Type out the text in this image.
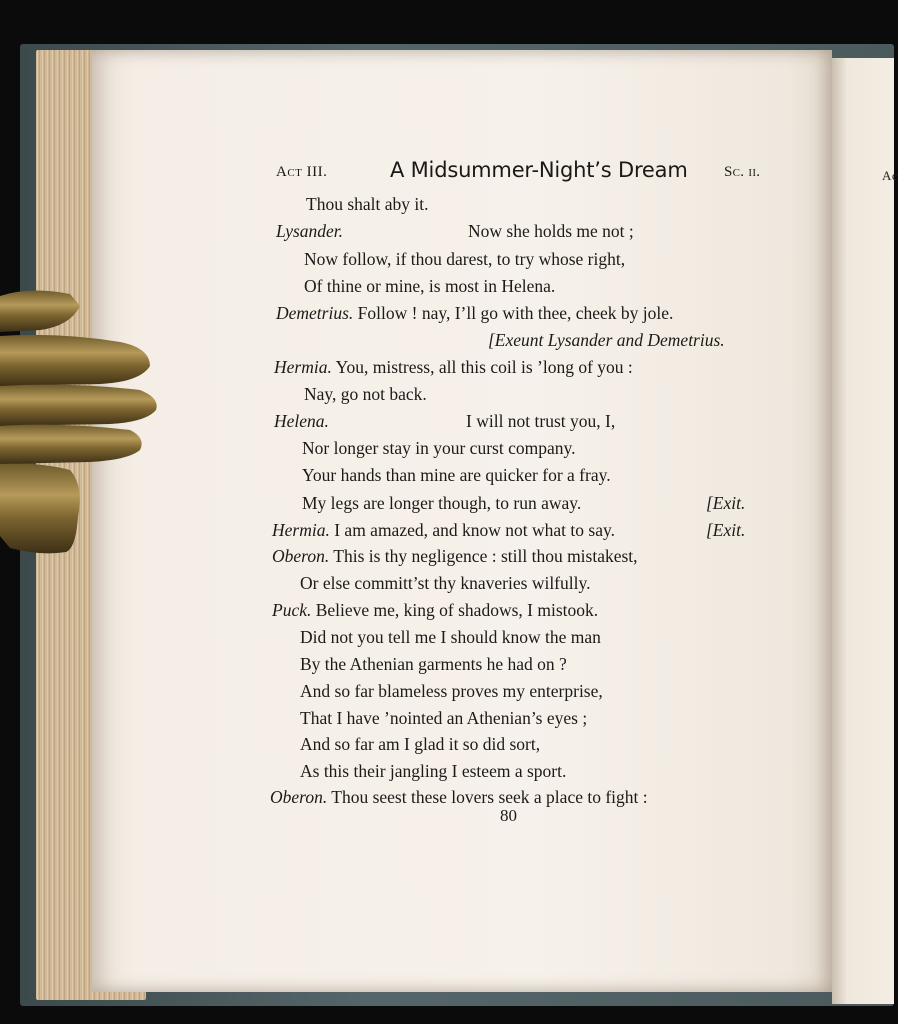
Ac
Act III.	A Midsummer-Night’s Dream Sc. ii.
Thou shalt aby it.
Lysander.	Now she holds me not ;
Now follow, if thou darest, to try whose right,
Of thine or mine, is most in Helena.
Demetrius. Follow ! nay, I’ll go with thee, cheek by jole.
[Exeunt Lysander and Demetrius.
Hermia. You, mistress, all this coil is ’long of you :
Nay, go not back.
Helena.	I will not trust you, I,
Nor longer stay in your curst company.
Your hands than mine are quicker for a fray.
My legs are longer though, to run away.	[Exit.
Hermia. I am amazed, and know not what to say.	[Exit.
Oberon. This is thy negligence : still thou mistakest,
Or else committ’st thy knaveries wilfully.
Puck. Believe me, king of shadows, I mistook.
Did not you tell me I should know the man
By the Athenian garments he had on ?
And so far blameless proves my enterprise,
That I have ’nointed an Athenian’s eyes ;
And so far am I glad it so did sort,
As this their jangling I esteem a sport.
Oberon. Thou seest these lovers seek a place to fight :
80
